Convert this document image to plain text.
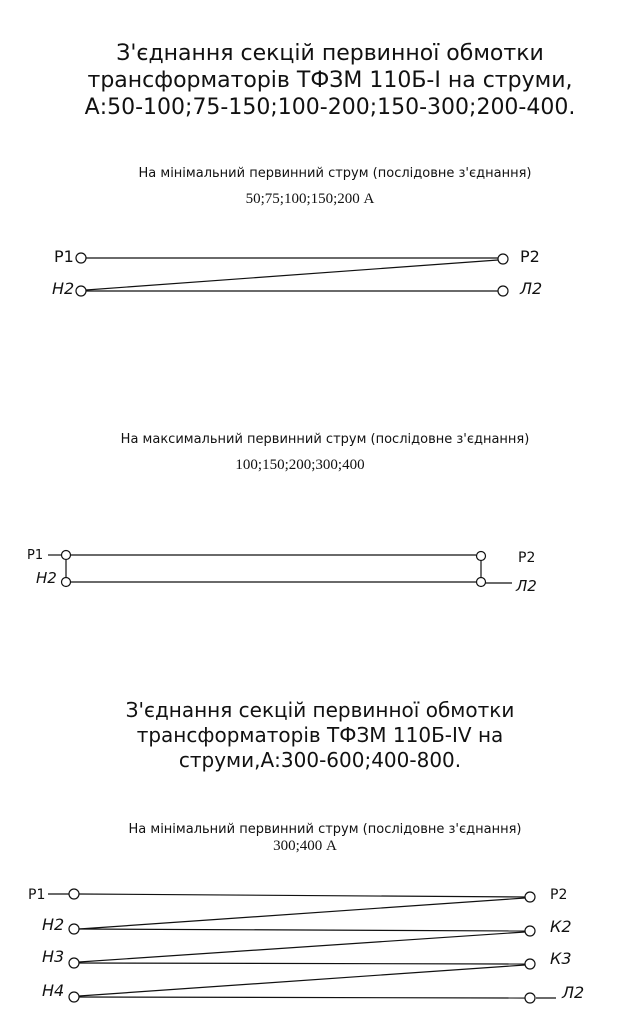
З'єднання секцій первинної обмотки
трансформаторів ТФЗМ 110Б-І на струми,
А:50-100;75-150;100-200;150-300;200-400.
На мінімальний первинний струм (послідовне з'єднання)
50;75;100;150;200 А
Р1
Н2
Р2
Л2
На максимальний первинний струм (послідовне з'єднання)
100;150;200;300;400
Р1
Н2
Р2
Л2
З'єднання секцій первинної обмотки
трансформаторів ТФЗМ 110Б-IV на
струми,А:300-600;400-800.
На мінімальний первинний струм (послідовне з'єднання)
300;400 А
Р1
Н2
Н3
Н4
Р2
К2
К3
Л2
